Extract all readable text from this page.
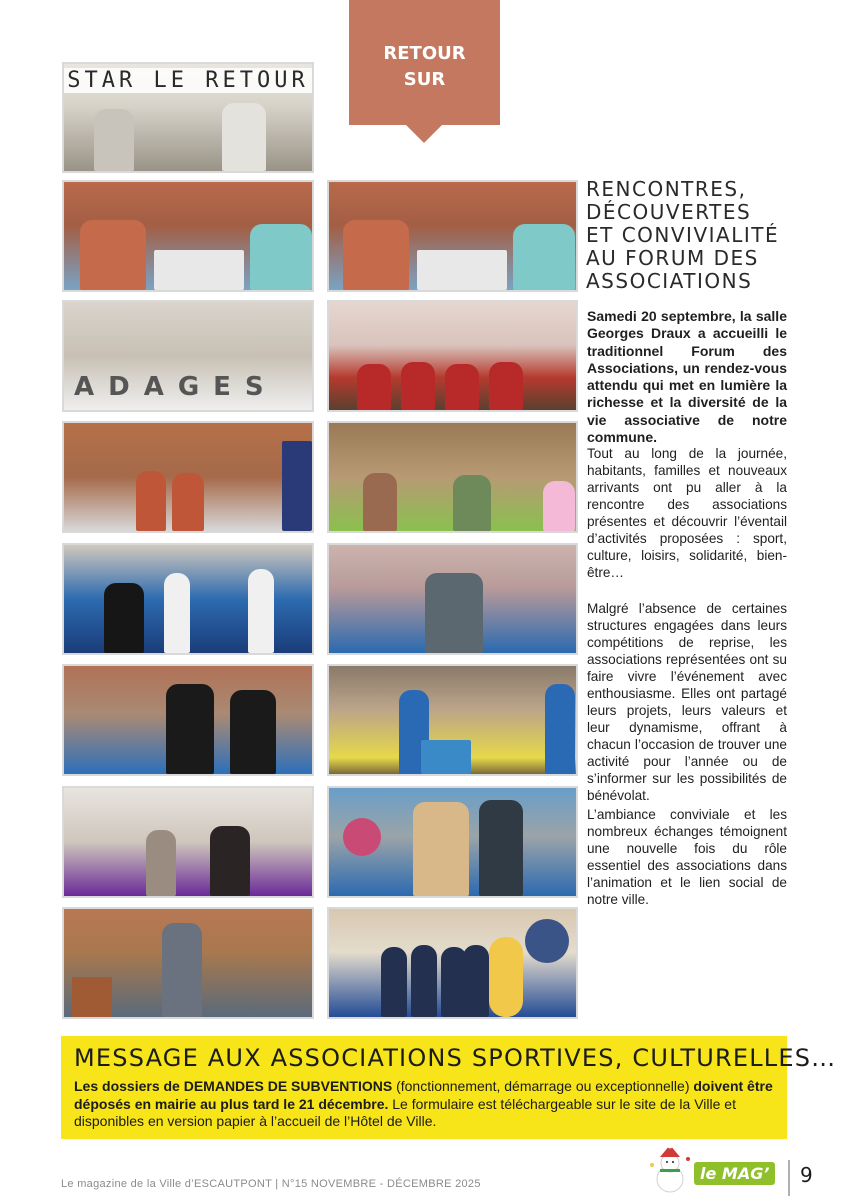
RETOUR
SUR
STAR LE RETOUR
ADAGES
RENCONTRES, DÉCOUVERTES ET CONVIVIALITÉ AU FORUM DES ASSOCIATIONS

Samedi 20 septembre, la salle Georges Draux a accueilli le traditionnel Forum des Associations, un rendez-vous attendu qui met en lumière la richesse et la diversité de la vie associative de notre commune.

Tout au long de la journée, habitants, familles et nouveaux arrivants ont pu aller à la rencontre des associations présentes et découvrir l’éventail d’activités proposées : sport, culture, loisirs, solidarité, bien-être…

Malgré l’absence de certaines structures engagées dans leurs compétitions de reprise, les associations représentées ont su faire vivre l’événement avec enthousiasme. Elles ont partagé leurs projets, leurs valeurs et leur dynamisme, offrant à chacun l’occasion de trouver une activité pour l’année ou de s’informer sur les possibilités de bénévolat.

L’ambiance conviviale et les nombreux échanges témoignent une nouvelle fois du rôle essentiel des associations dans l’animation et le lien social de notre ville.

MESSAGE AUX ASSOCIATIONS SPORTIVES, CULTURELLES…

Les dossiers de DEMANDES DE SUBVENTIONS (fonctionnement, démarrage ou exceptionnelle) doivent être déposés en mairie au plus tard le 21 décembre. Le formulaire est téléchargeable sur le site de la Ville et disponibles en version papier à l’accueil de l’Hôtel de Ville.

Le magazine de la Ville d’ESCAUTPONT | N°15 NOVEMBRE - DÉCEMBRE 2025
le MAG’	9
